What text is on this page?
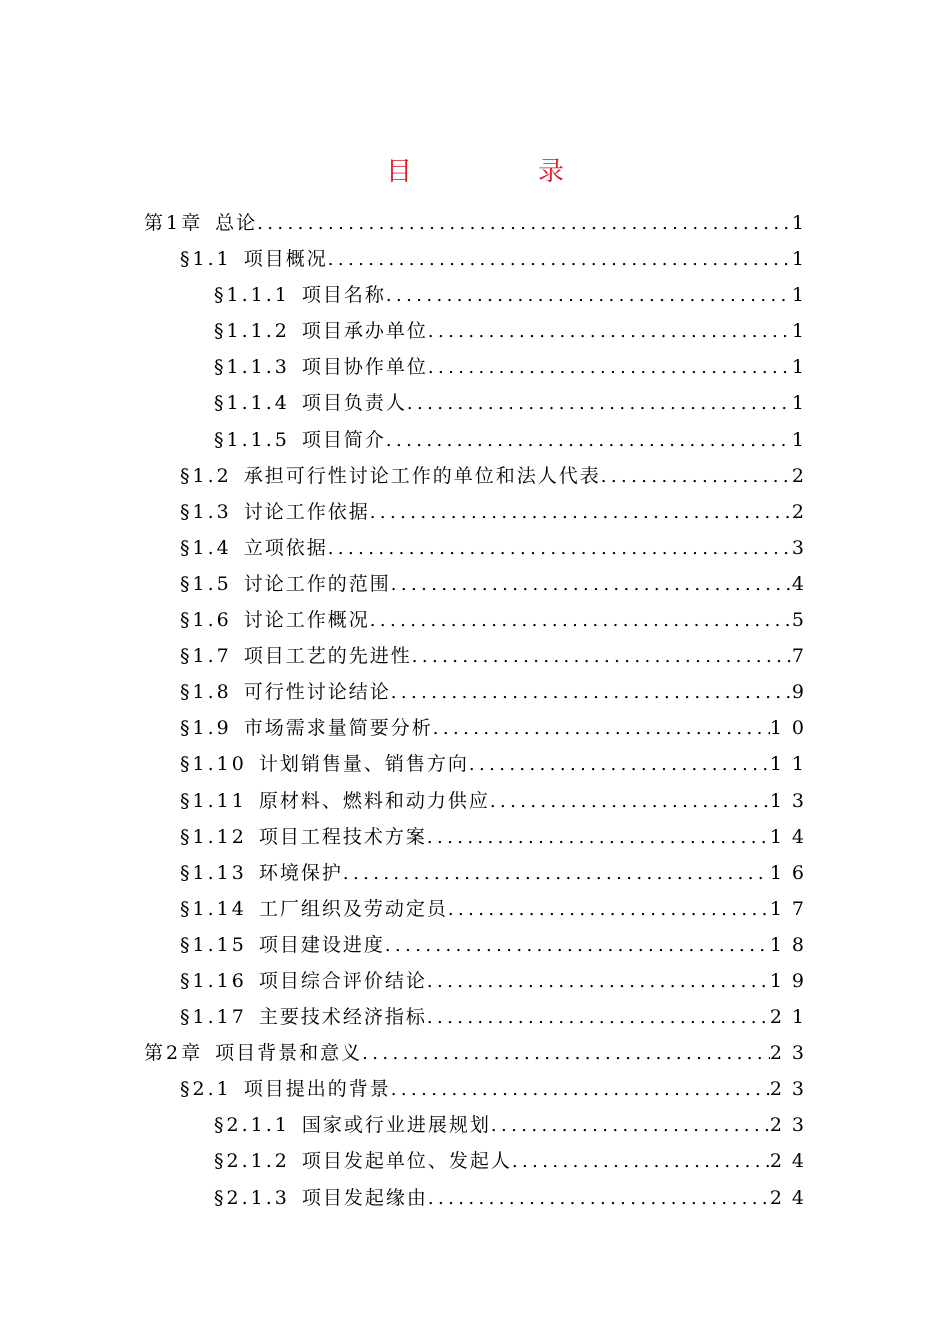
目　录
第1章 总论 .....	1
§1.1 项目概况 .....	1
§1.1.1 项目名称 .....	1
§1.1.2 项目承办单位 .....	1
§1.1.3 项目协作单位 .....	1
§1.1.4 项目负责人 .....	1
§1.1.5 项目简介 .....	1
§1.2 承担可行性讨论工作的单位和法人代表 .....	2
§1.3 讨论工作依据 .....	2
§1.4 立项依据 .....	3
§1.5 讨论工作的范围 .....	4
§1.6 讨论工作概况 .....	5
§1.7 项目工艺的先进性 .....	7
§1.8 可行性讨论结论 .....	9
§1.9 市场需求量简要分析 .....	10
§1.10 计划销售量、销售方向 .....	11
§1.11 原材料、燃料和动力供应 .....	13
§1.12 项目工程技术方案 .....	14
§1.13 环境保护 .....	16
§1.14 工厂组织及劳动定员 .....	17
§1.15 项目建设进度 .....	18
§1.16 项目综合评价结论 .....	19
§1.17 主要技术经济指标 .....	21
第2章 项目背景和意义 .....	23
§2.1 项目提出的背景 .....	23
§2.1.1 国家或行业进展规划 .....	23
§2.1.2 项目发起单位、发起人 .....	24
§2.1.3 项目发起缘由 .....	24
